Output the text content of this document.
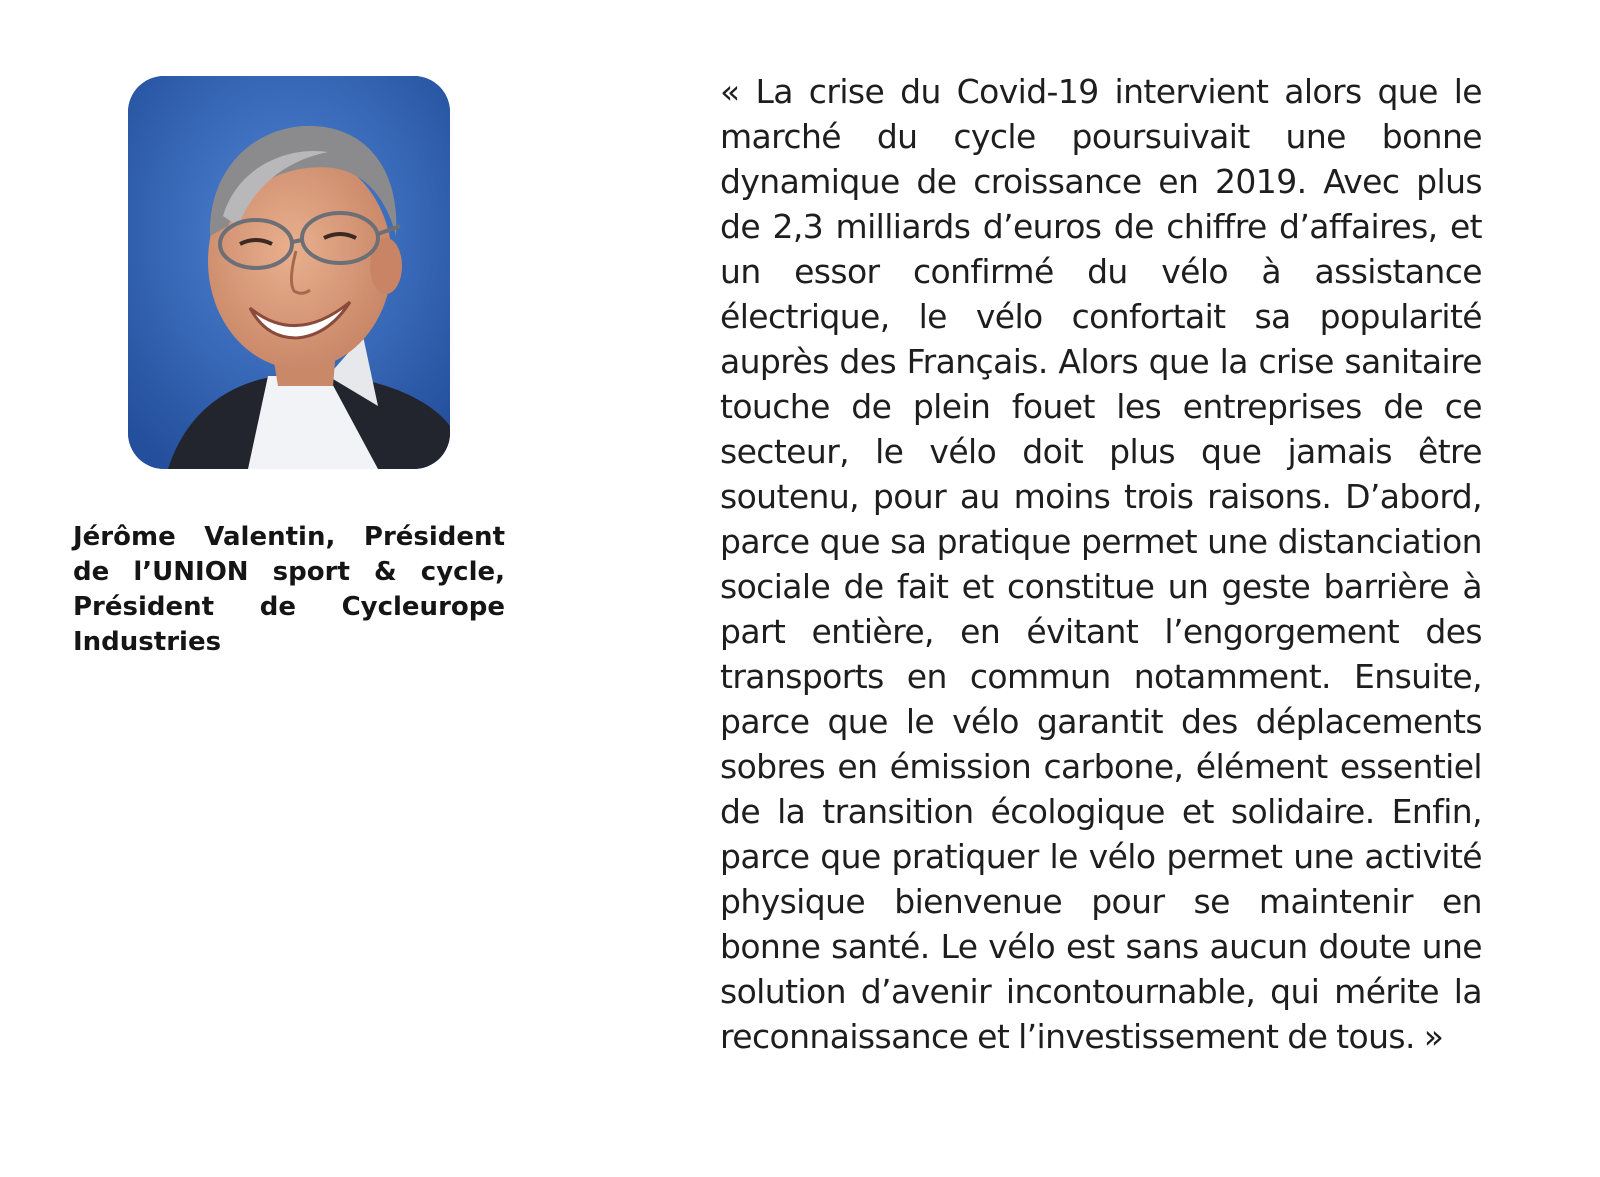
Jérôme Valentin, Président de l’UNION sport & cycle, Président de Cycleurope Industries

« La crise du Covid-19 intervient alors que le marché du cycle poursuivait une bonne dynamique de croissance en 2019. Avec plus de 2,3 milliards d’euros de chiffre d’affaires, et un essor confirmé du vélo à assistance électrique, le vélo confortait sa popularité auprès des Français. Alors que la crise sanitaire touche de plein fouet les entreprises de ce secteur, le vélo doit plus que jamais être soutenu, pour au moins trois raisons. D’abord, parce que sa pratique permet une distanciation sociale de fait et constitue un geste barrière à part entière, en évitant l’engorgement des transports en commun notamment. Ensuite, parce que le vélo garantit des déplacements sobres en émission carbone, élément essentiel de la transition écologique et solidaire. Enfin, parce que pratiquer le vélo permet une activité physique bienvenue pour se maintenir en bonne santé. Le vélo est sans aucun doute une solution d’avenir incontournable, qui mérite la reconnaissance et l’investissement de tous. »
